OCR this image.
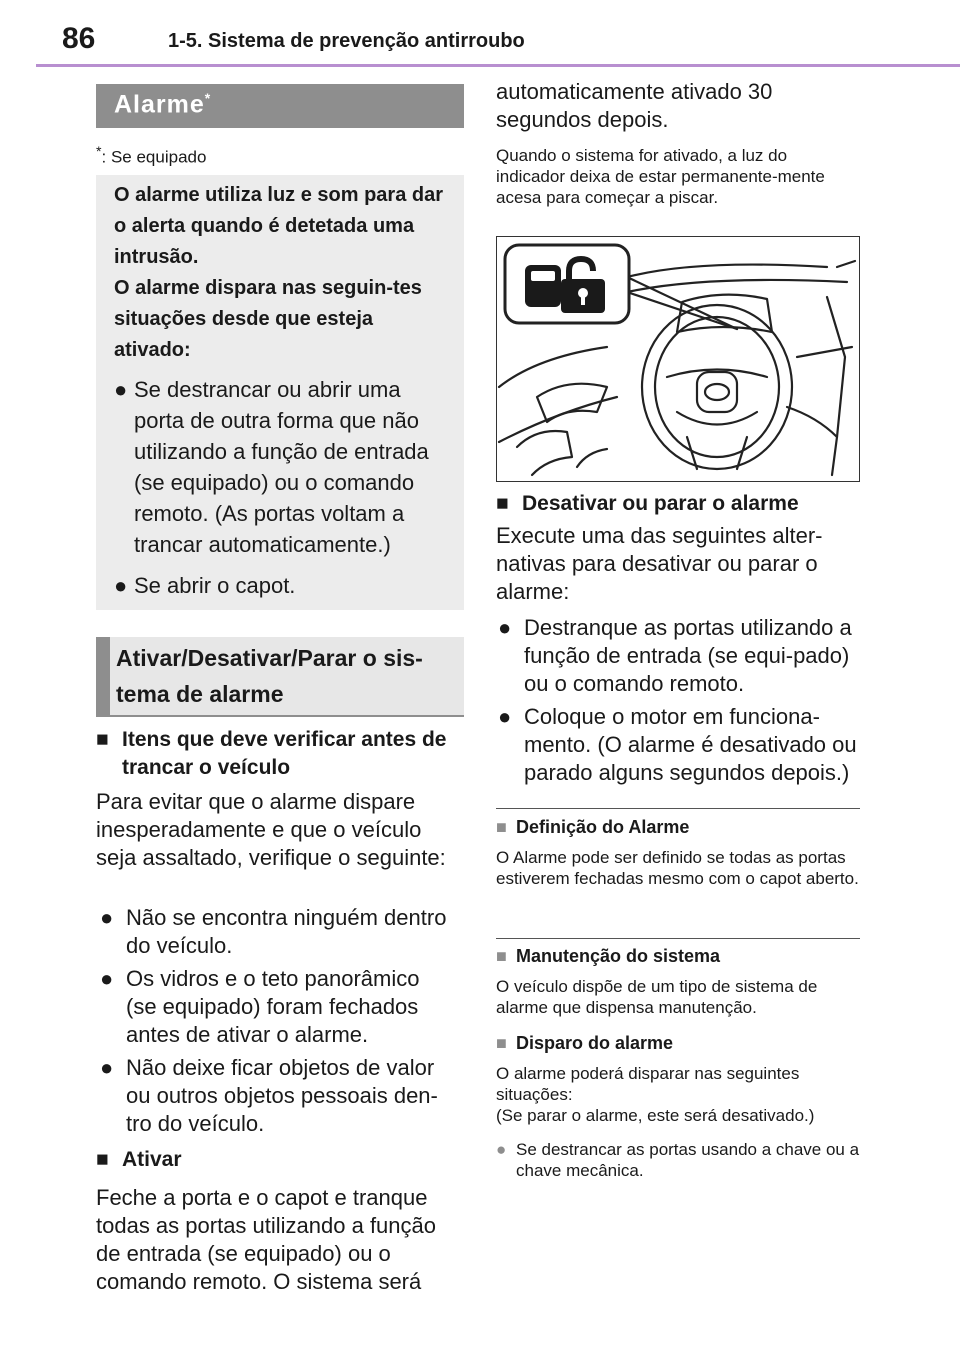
86	1-5. Sistema de prevenção antirroubo
Alarme*
*: Se equipado
O alarme utiliza luz e som para dar o alerta quando é detetada uma intrusão.
O alarme dispara nas seguin-tes situações desde que esteja ativado:
● Se destrancar ou abrir uma porta de outra forma que não utilizando a função de entrada (se equipado) ou o comando remoto. (As portas voltam a trancar automaticamente.)
● Se abrir o capot.
Ativar/Desativar/Parar o sis-tema de alarme
■ Itens que deve verificar antes de trancar o veículo
Para evitar que o alarme dispare inesperadamente e que o veículo seja assaltado, verifique o seguinte:
● Não se encontra ninguém dentro do veículo.
● Os vidros e o teto panorâmico (se equipado) foram fechados antes de ativar o alarme.
● Não deixe ficar objetos de valor ou outros objetos pessoais den-tro do veículo.
■ Ativar
Feche a porta e o capot e tranque todas as portas utilizando a função de entrada (se equipado) ou o comando remoto. O sistema será
automaticamente ativado 30 segundos depois.
Quando o sistema for ativado, a luz do indicador deixa de estar permanente-mente acesa para começar a piscar.
■ Desativar ou parar o alarme
Execute uma das seguintes alter-nativas para desativar ou parar o alarme:
● Destranque as portas utilizando a função de entrada (se equi-pado) ou o comando remoto.
● Coloque o motor em funciona-mento. (O alarme é desativado ou parado alguns segundos depois.)
■ Definição do Alarme
O Alarme pode ser definido se todas as portas estiverem fechadas mesmo com o capot aberto.
■ Manutenção do sistema
O veículo dispõe de um tipo de sistema de alarme que dispensa manutenção.
■ Disparo do alarme
O alarme poderá disparar nas seguintes situações:
(Se parar o alarme, este será desativado.)
● Se destrancar as portas usando a chave ou a chave mecânica.
